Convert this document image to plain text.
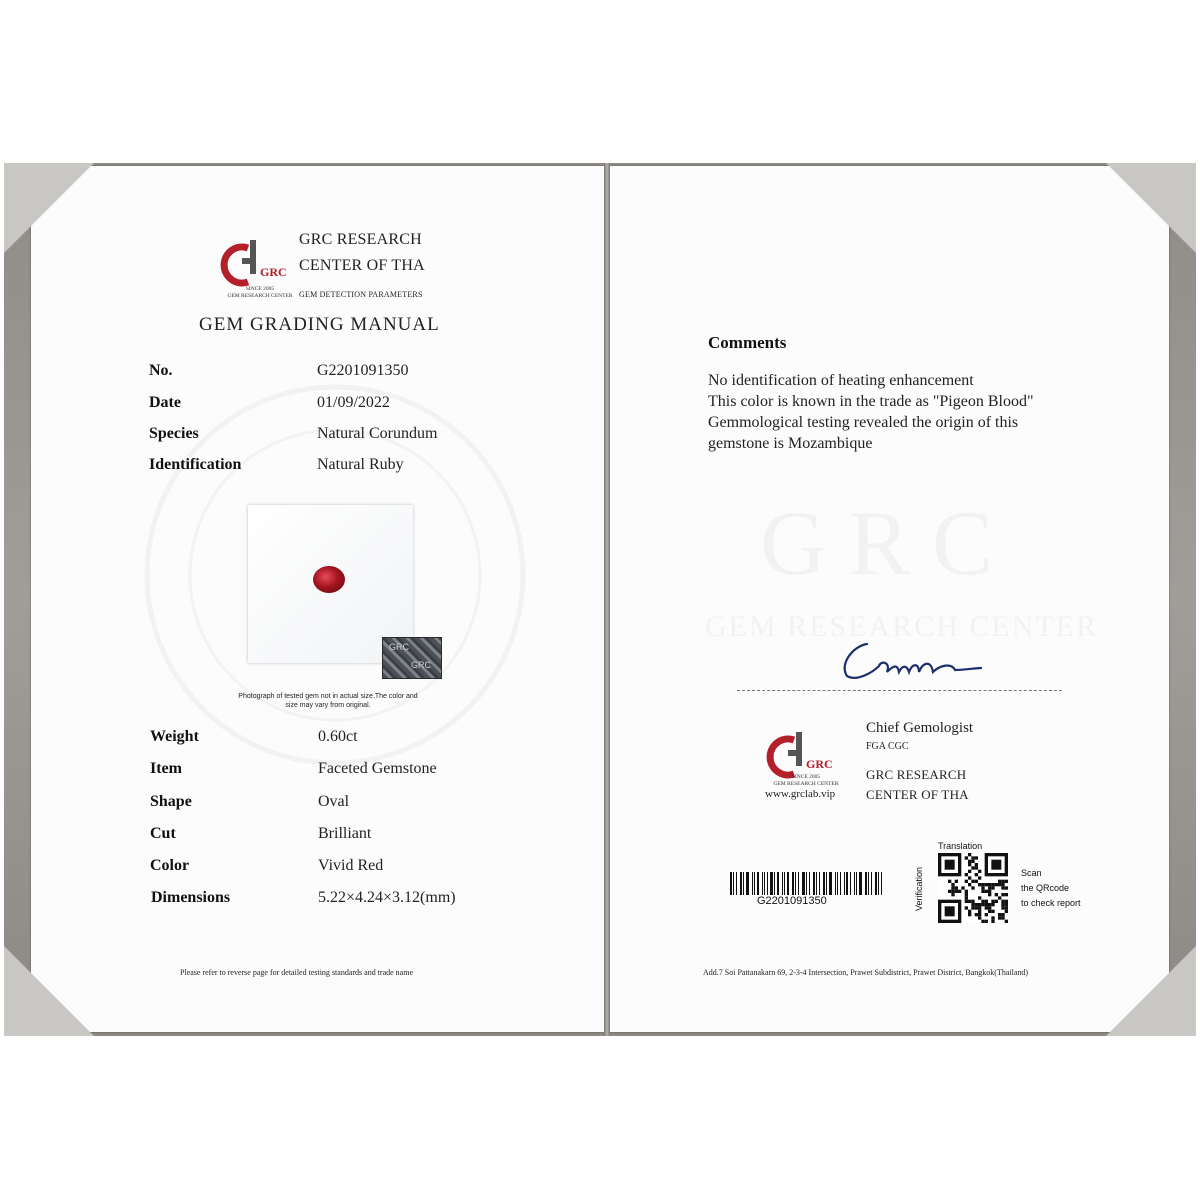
GRC
SINCE 2005
GEM RESEARCH CENTER
GRC RESEARCH
CENTER OF THA
GEM DETECTION PARAMETERS
GEM GRADING MANUAL
No.	G2201091350
Date	01/09/2022
Species	Natural Corundum
Identification	Natural Ruby
GRC
GRC
Photograph of tested gem not in actual size.The color and
size may vary from original.
Weight	0.60ct
Item	Faceted Gemstone
Shape	Oval
Cut	Brilliant
Color	Vivid Red
Dimensions	5.22×4.24×3.12(mm)
Please refer to reverse page for detailed testing standards and trade name
Comments
No identification of heating enhancement
This color is known in the trade as "Pigeon Blood"
Gemmological testing revealed the origin of this
gemstone is Mozambique
GRC
SINCE 2005
GEM RESEARCH CENTER
www.grclab.vip
Chief Gemologist
FGA CGC
GRC RESEARCH
CENTER OF THA
G2201091350
Translation
Verification	Scan
the QRcode
to check report
Add.7 Soi Pattanakarn 69, 2-3-4 Intersection, Prawet Subdistrict, Prawet District, Bangkok(Thailand)
